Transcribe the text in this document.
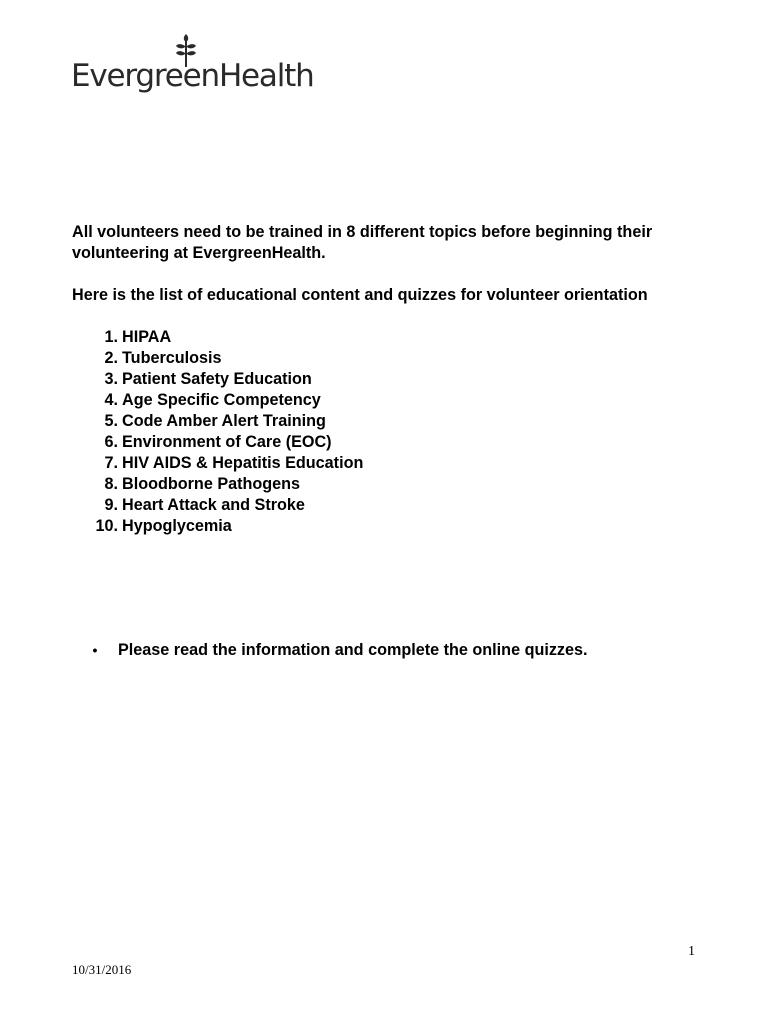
EvergreenHealth

All volunteers need to be trained in 8 different topics before beginning their volunteering at EvergreenHealth.

Here is the list of educational content and quizzes for volunteer orientation

1. HIPAA
2. Tuberculosis
3. Patient Safety Education
4. Age Specific Competency
5. Code Amber Alert Training
6. Environment of Care (EOC)
7. HIV AIDS & Hepatitis Education
8. Bloodborne Pathogens
9. Heart Attack and Stroke
10. Hypoglycemia
•	Please read the information and complete the online quizzes.
1
10/31/2016
